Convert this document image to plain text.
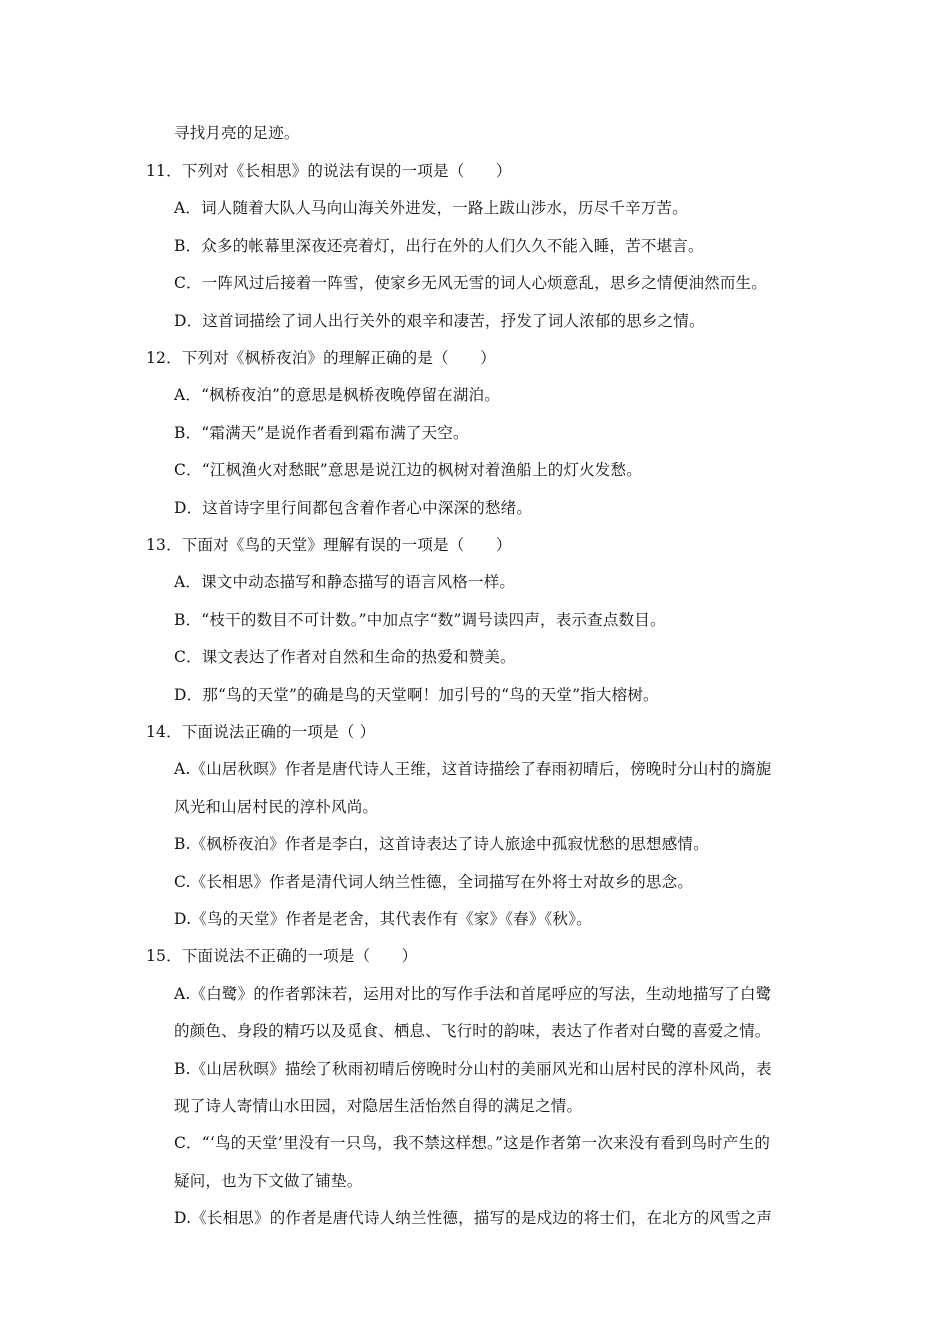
寻找月亮的足迹。
11．下列对《长相思》的说法有误的一项是（　　）
A．词人随着大队人马向山海关外进发，一路上跋山涉水，历尽千辛万苦。
B．众多的帐幕里深夜还亮着灯，出行在外的人们久久不能入睡，苦不堪言。
C．一阵风过后接着一阵雪，使家乡无风无雪的词人心烦意乱，思乡之情便油然而生。
D．这首词描绘了词人出行关外的艰辛和凄苦，抒发了词人浓郁的思乡之情。
12．下列对《枫桥夜泊》的理解正确的是（　　）
A．“枫桥夜泊”的意思是枫桥夜晚停留在湖泊。
B．“霜满天”是说作者看到霜布满了天空。
C．“江枫渔火对愁眠”意思是说江边的枫树对着渔船上的灯火发愁。
D．这首诗字里行间都包含着作者心中深深的愁绪。
13．下面对《鸟的天堂》理解有误的一项是（　　）
A．课文中动态描写和静态描写的语言风格一样。
B．“枝干的数目不可计数。”中加点字“数”调号读四声，表示查点数目。
C．课文表达了作者对自然和生命的热爱和赞美。
D．那“鸟的天堂”的确是鸟的天堂啊！加引号的“鸟的天堂”指大榕树。
14．下面说法正确的一项是（ ）
A.《山居秋暝》作者是唐代诗人王维，这首诗描绘了春雨初晴后，傍晚时分山村的旖旎
风光和山居村民的淳朴风尚。
B.《枫桥夜泊》作者是李白，这首诗表达了诗人旅途中孤寂忧愁的思想感情。
C.《长相思》作者是清代词人纳兰性德，全词描写在外将士对故乡的思念。
D.《鸟的天堂》作者是老舍，其代表作有《家》《春》《秋》。
15．下面说法不正确的一项是（　　）
A.《白鹭》的作者郭沫若，运用对比的写作手法和首尾呼应的写法，生动地描写了白鹭
的颜色、身段的精巧以及觅食、栖息、飞行时的韵味，表达了作者对白鹭的喜爱之情。
B.《山居秋暝》描绘了秋雨初晴后傍晚时分山村的美丽风光和山居村民的淳朴风尚，表
现了诗人寄情山水田园，对隐居生活怡然自得的满足之情。
C．“‘鸟的天堂’里没有一只鸟，我不禁这样想。”这是作者第一次来没有看到鸟时产生的
疑问，也为下文做了铺垫。
D.《长相思》的作者是唐代诗人纳兰性德，描写的是戍边的将士们，在北方的风雪之声
